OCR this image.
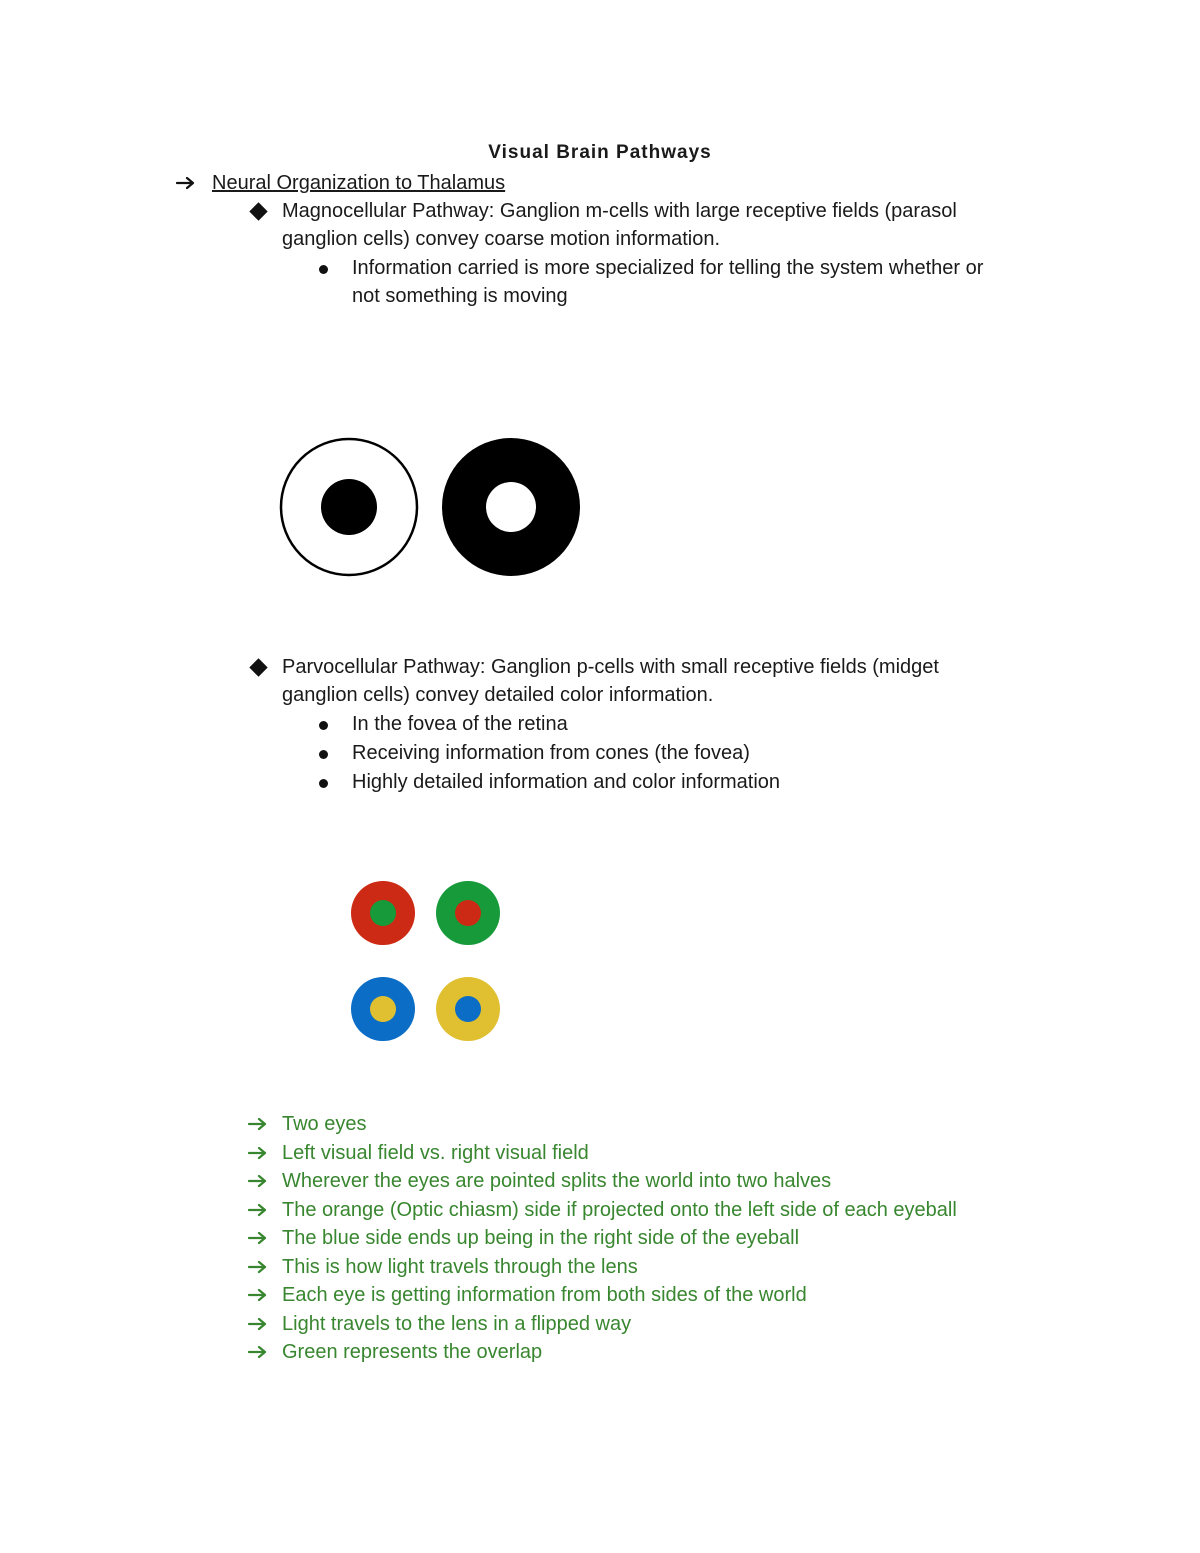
Visual Brain Pathways
Neural Organization to Thalamus
Magnocellular Pathway: Ganglion m-cells with large receptive fields (parasol
ganglion cells) convey coarse motion information.
Information carried is more specialized for telling the system whether or
not something is moving
Parvocellular Pathway: Ganglion p-cells with small receptive fields (midget
ganglion cells) convey detailed color information.
In the fovea of the retina
Receiving information from cones (the fovea)
Highly detailed information and color information
Two eyes
Left visual field vs. right visual field
Wherever the eyes are pointed splits the world into two halves
The orange (Optic chiasm) side if projected onto the left side of each eyeball
The blue side ends up being in the right side of the eyeball
This is how light travels through the lens
Each eye is getting information from both sides of the world
Light travels to the lens in a flipped way
Green represents the overlap
